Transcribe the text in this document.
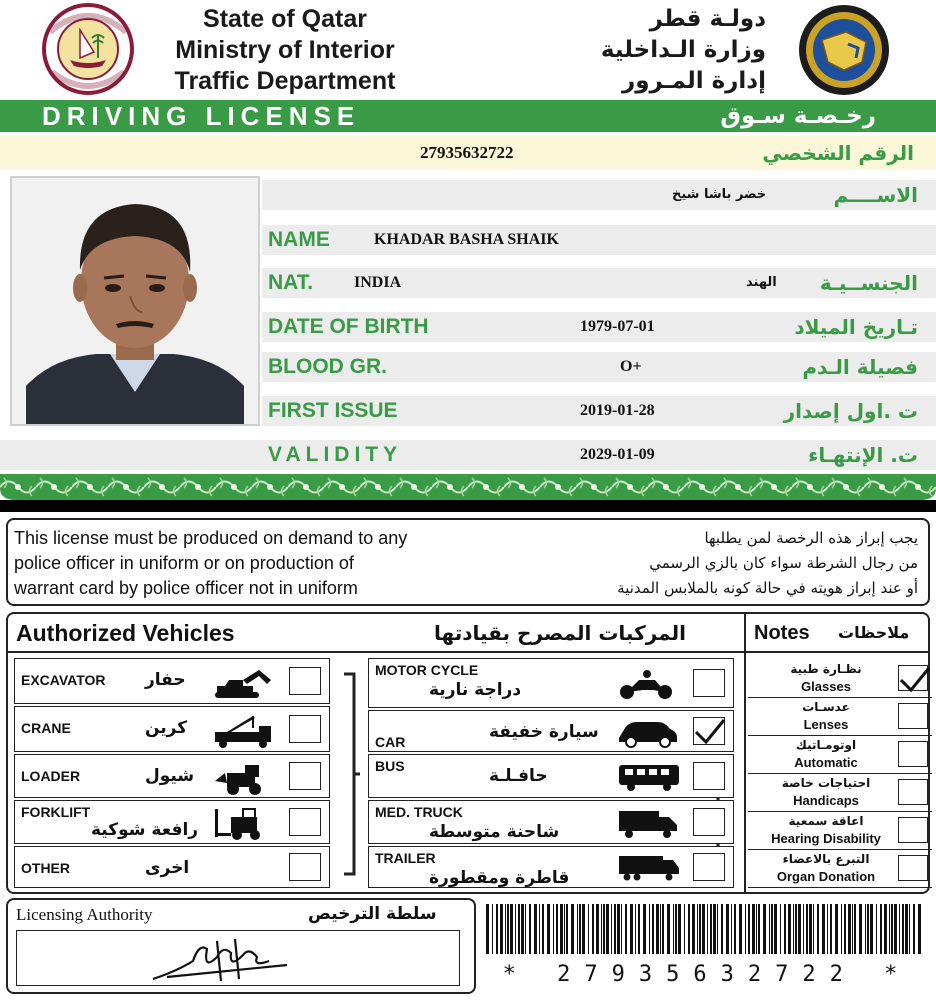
State of Qatar
Ministry of Interior
Traffic Department
دولـة قطر
وزارة الـداخلية
إدارة المـرور
DRIVING LICENSE	رخـصـة سـوق
27935632722	الرقم الشخصي
خضر باشا شيخ	الاســــم
NAME	KHADAR BASHA SHAIK
NAT.	INDIA	الهند الجنســيـة
DATE OF BIRTH	1979-07-01	تـاريخ الميلاد
BLOOD GR.	O+	فصيلة الـدم
FIRST ISSUE	2019-01-28	ت .اول إصدار
VALIDITY	2029-01-09	ت. الإنتهـاء
This license must be produced on demand to any
police officer in uniform or on production of
warrant card by police officer not in uniform
يجب إبراز هذه الرخصة لمن يطلبها
من رجال الشرطة سواء كان بالزي الرسمي
أو عند إبراز هويته في حالة كونه بالملابس المدنية
Authorized Vehicles	المركبات المصرح بقيادتها	Notes ملاحظات
نظـارة طبية
Glasses
عدسـات
Lenses
اوتومـاتيك
Automatic
احتياجات خاصة
Handicaps
اعاقة سمعية
Hearing Disability
التبرع بالاعضاء
Organ Donation
EXCAVATOR حفار
CRANE	كرين
LOADER	شيول
FORKLIFT
رافعة شوكية
OTHER	اخرى
MOTOR CYCLE
دراجة نارية
CAR	سيارة خفيفة
BUS	حافـلـة
MED. TRUCK
شاحنة متوسطة
TRAILER
قاطرة ومقطورة
Licensing Authority	سلطة الترخيص
* 27935632722 *
